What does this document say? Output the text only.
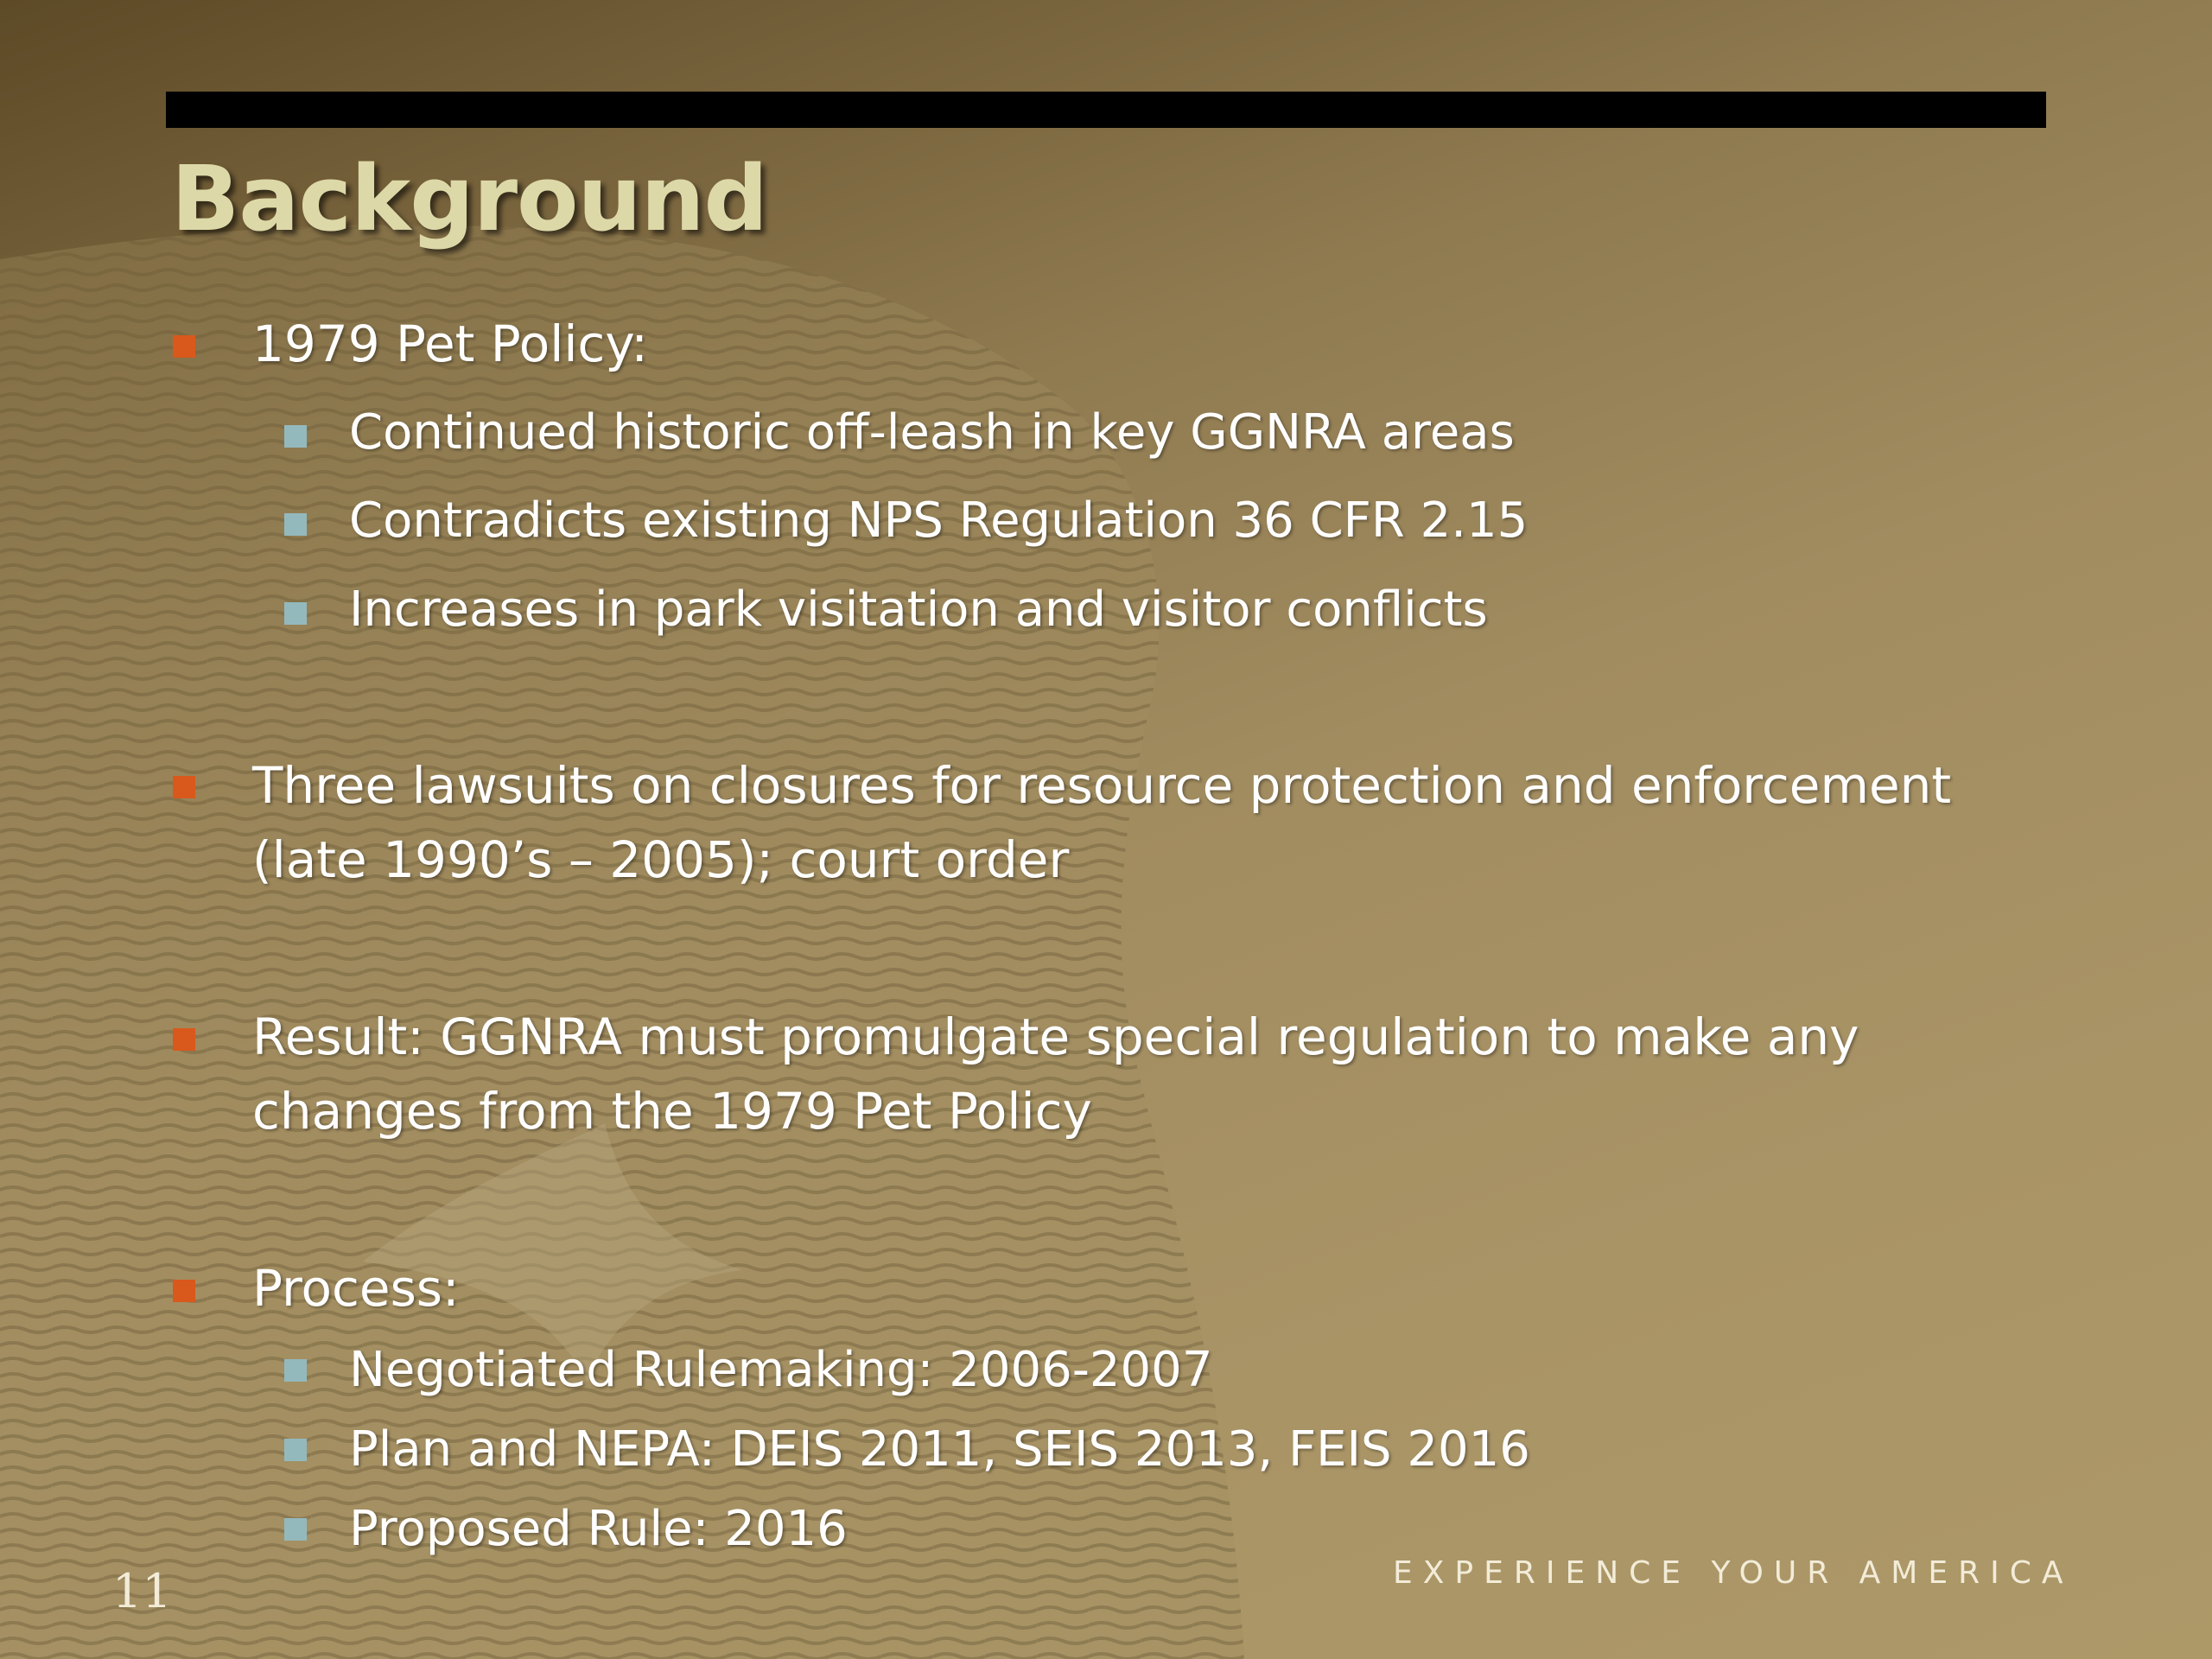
Background
1979 Pet Policy:
Continued historic off-leash in key GGNRA areas
Contradicts existing NPS Regulation 36 CFR 2.15
Increases in park visitation and visitor conflicts
Three lawsuits on closures for resource protection and enforcement
(late 1990’s – 2005); court order
Result: GGNRA must promulgate special regulation to make any
changes from the 1979 Pet Policy
Process:
Negotiated Rulemaking: 2006-2007
Plan and NEPA: DEIS 2011, SEIS 2013, FEIS 2016
Proposed Rule: 2016
EXPERIENCE YOUR AMERICA
11
